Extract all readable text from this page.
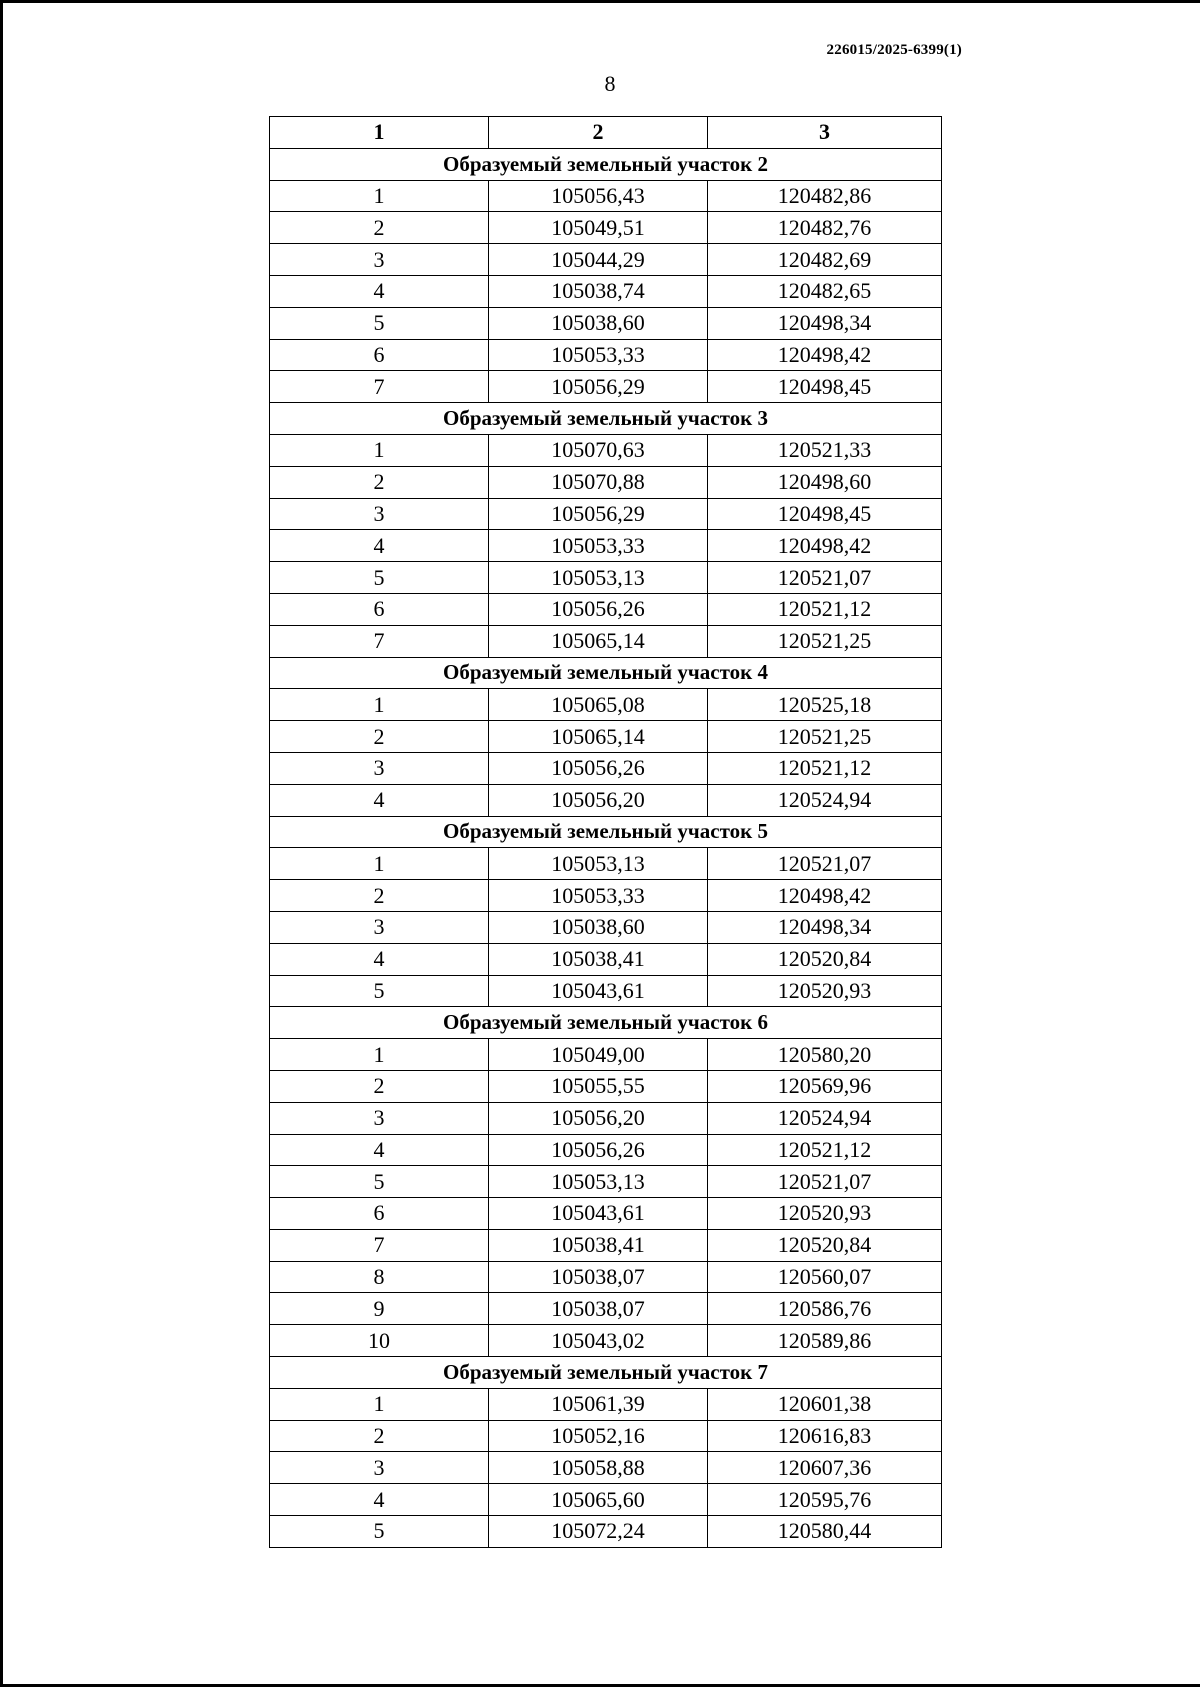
226015/2025-6399(1)
8
1	2	3
Образуемый земельный участок 2		
1	105056,43	120482,86
2	105049,51	120482,76
3	105044,29	120482,69
4	105038,74	120482,65
5	105038,60	120498,34
6	105053,33	120498,42
7	105056,29	120498,45
Образуемый земельный участок 3		
1	105070,63	120521,33
2	105070,88	120498,60
3	105056,29	120498,45
4	105053,33	120498,42
5	105053,13	120521,07
6	105056,26	120521,12
7	105065,14	120521,25
Образуемый земельный участок 4		
1	105065,08	120525,18
2	105065,14	120521,25
3	105056,26	120521,12
4	105056,20	120524,94
Образуемый земельный участок 5		
1	105053,13	120521,07
2	105053,33	120498,42
3	105038,60	120498,34
4	105038,41	120520,84
5	105043,61	120520,93
Образуемый земельный участок 6		
1	105049,00	120580,20
2	105055,55	120569,96
3	105056,20	120524,94
4	105056,26	120521,12
5	105053,13	120521,07
6	105043,61	120520,93
7	105038,41	120520,84
8	105038,07	120560,07
9	105038,07	120586,76
10	105043,02	120589,86
Образуемый земельный участок 7		
1	105061,39	120601,38
2	105052,16	120616,83
3	105058,88	120607,36
4	105065,60	120595,76
5	105072,24	120580,44
